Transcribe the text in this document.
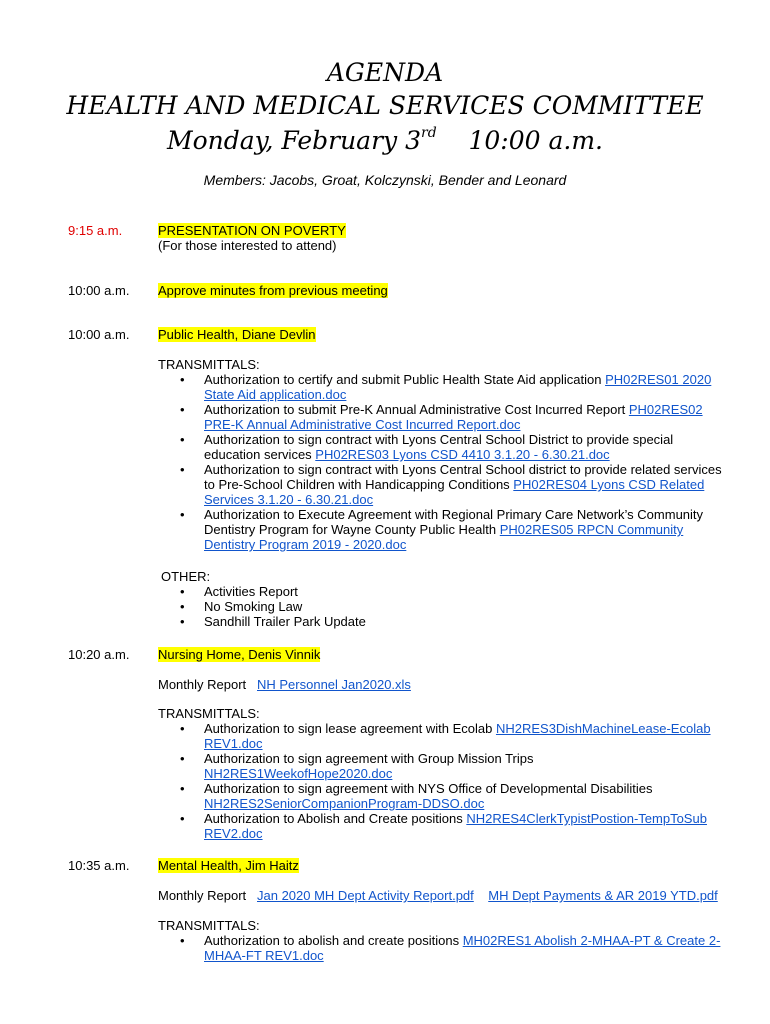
AGENDA
HEALTH AND MEDICAL SERVICES COMMITTEE
Monday, February 3rd 10:00 a.m.
Members: Jacobs, Groat, Kolczynski, Bender and Leonard
9:15 a.m.	PRESENTATION ON POVERTY
(For those interested to attend)
10:00 a.m. Approve minutes from previous meeting
10:00 a.m. Public Health, Diane Devlin
TRANSMITTALS:
• Authorization to certify and submit Public Health State Aid application PH02RES01 2020 State Aid application.doc
• Authorization to submit Pre-K Annual Administrative Cost Incurred Report PH02RES02 PRE-K Annual Administrative Cost Incurred Report.doc
• Authorization to sign contract with Lyons Central School District to provide special education services PH02RES03 Lyons CSD 4410 3.1.20 - 6.30.21.doc
• Authorization to sign contract with Lyons Central School district to provide related services to Pre-School Children with Handicapping Conditions PH02RES04 Lyons CSD Related Services 3.1.20 - 6.30.21.doc
• Authorization to Execute Agreement with Regional Primary Care Network’s Community Dentistry Program for Wayne County Public Health PH02RES05 RPCN Community Dentistry Program 2019 - 2020.doc
OTHER:
• Activities Report
• No Smoking Law
• Sandhill Trailer Park Update
10:20 a.m. Nursing Home, Denis Vinnik
Monthly Report   NH Personnel Jan2020.xls
TRANSMITTALS:
• Authorization to sign lease agreement with Ecolab NH2RES3DishMachineLease-Ecolab REV1.doc
• Authorization to sign agreement with Group Mission Trips
NH2RES1WeekofHope2020.doc
• Authorization to sign agreement with NYS Office of Developmental Disabilities
NH2RES2SeniorCompanionProgram-DDSO.doc
• Authorization to Abolish and Create positions NH2RES4ClerkTypistPostion-TempToSub REV2.doc
10:35 a.m. Mental Health, Jim Haitz
Monthly Report   Jan 2020 MH Dept Activity Report.pdf MH Dept Payments & AR 2019 YTD.pdf
TRANSMITTALS:
• Authorization to abolish and create positions MH02RES1 Abolish 2-MHAA-PT & Create 2-MHAA-FT REV1.doc
